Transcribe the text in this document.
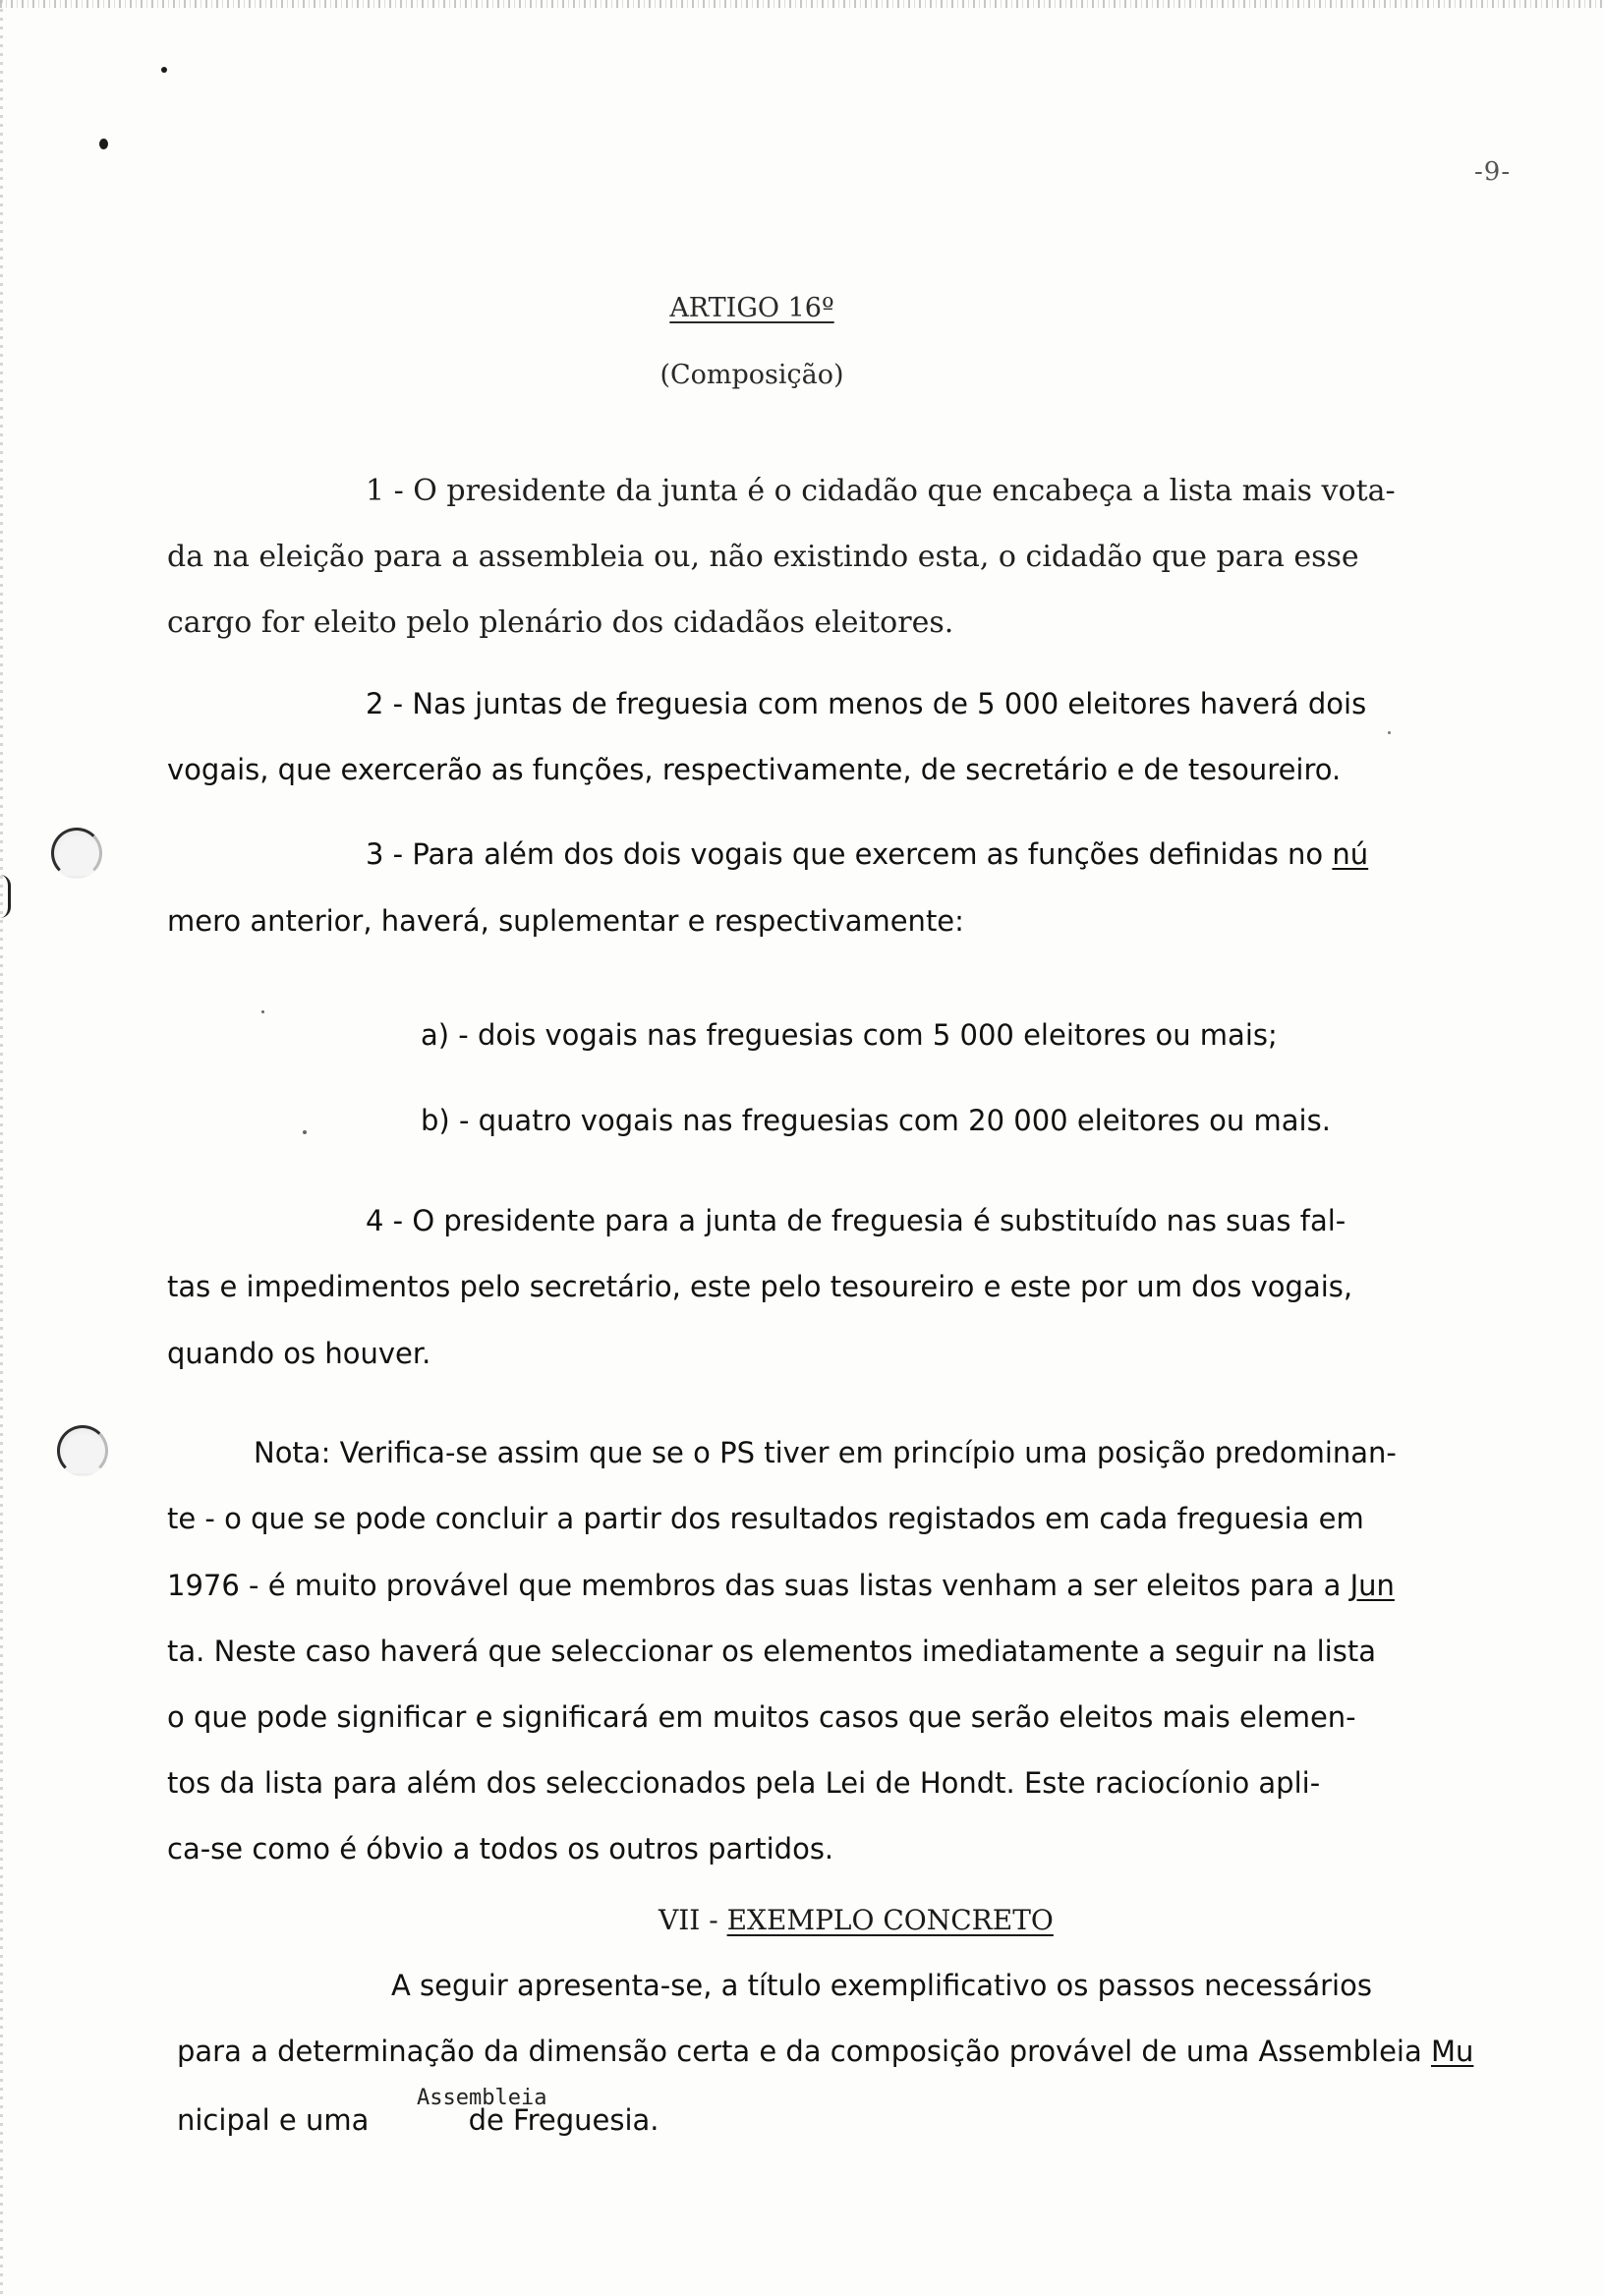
-9-
ARTIGO 16º
(Composição)
1 - O presidente da junta é o cidadão que encabeça a lista mais vota-
da na eleição para a assembleia ou, não existindo esta, o cidadão que para esse
cargo for eleito pelo plenário dos cidadãos eleitores.
2 - Nas juntas de freguesia com menos de 5 000 eleitores haverá dois
vogais, que exercerão as funções, respectivamente, de secretário e de tesoureiro.
3 - Para além dos dois vogais que exercem as funções definidas no nú
mero anterior, haverá, suplementar e respectivamente:
a) - dois vogais nas freguesias com 5 000 eleitores ou mais;
b) - quatro vogais nas freguesias com 20 000 eleitores ou mais.
4 - O presidente para a junta de freguesia é substituído nas suas fal-
tas e impedimentos pelo secretário, este pelo tesoureiro e este por um dos vogais,
quando os houver.
Nota: Verifica-se assim que se o PS tiver em princípio uma posição predominan-
te - o que se pode concluir a partir dos resultados registados em cada freguesia em
1976 - é muito provável que membros das suas listas venham a ser eleitos para a Jun
ta. Neste caso haverá que seleccionar os elementos imediatamente a seguir na lista
o que pode significar e significará em muitos casos que serão eleitos mais elemen-
tos da lista para além dos seleccionados pela Lei de Hondt. Este raciocíonio apli-
ca-se como é óbvio a todos os outros partidos.
VII - EXEMPLO CONCRETO
A seguir apresenta-se, a título exemplificativo os passos necessários
para a determinação da dimensão certa e da composição provável de uma Assembleia Mu
Assembleia
nicipal e uma	de Freguesia.
